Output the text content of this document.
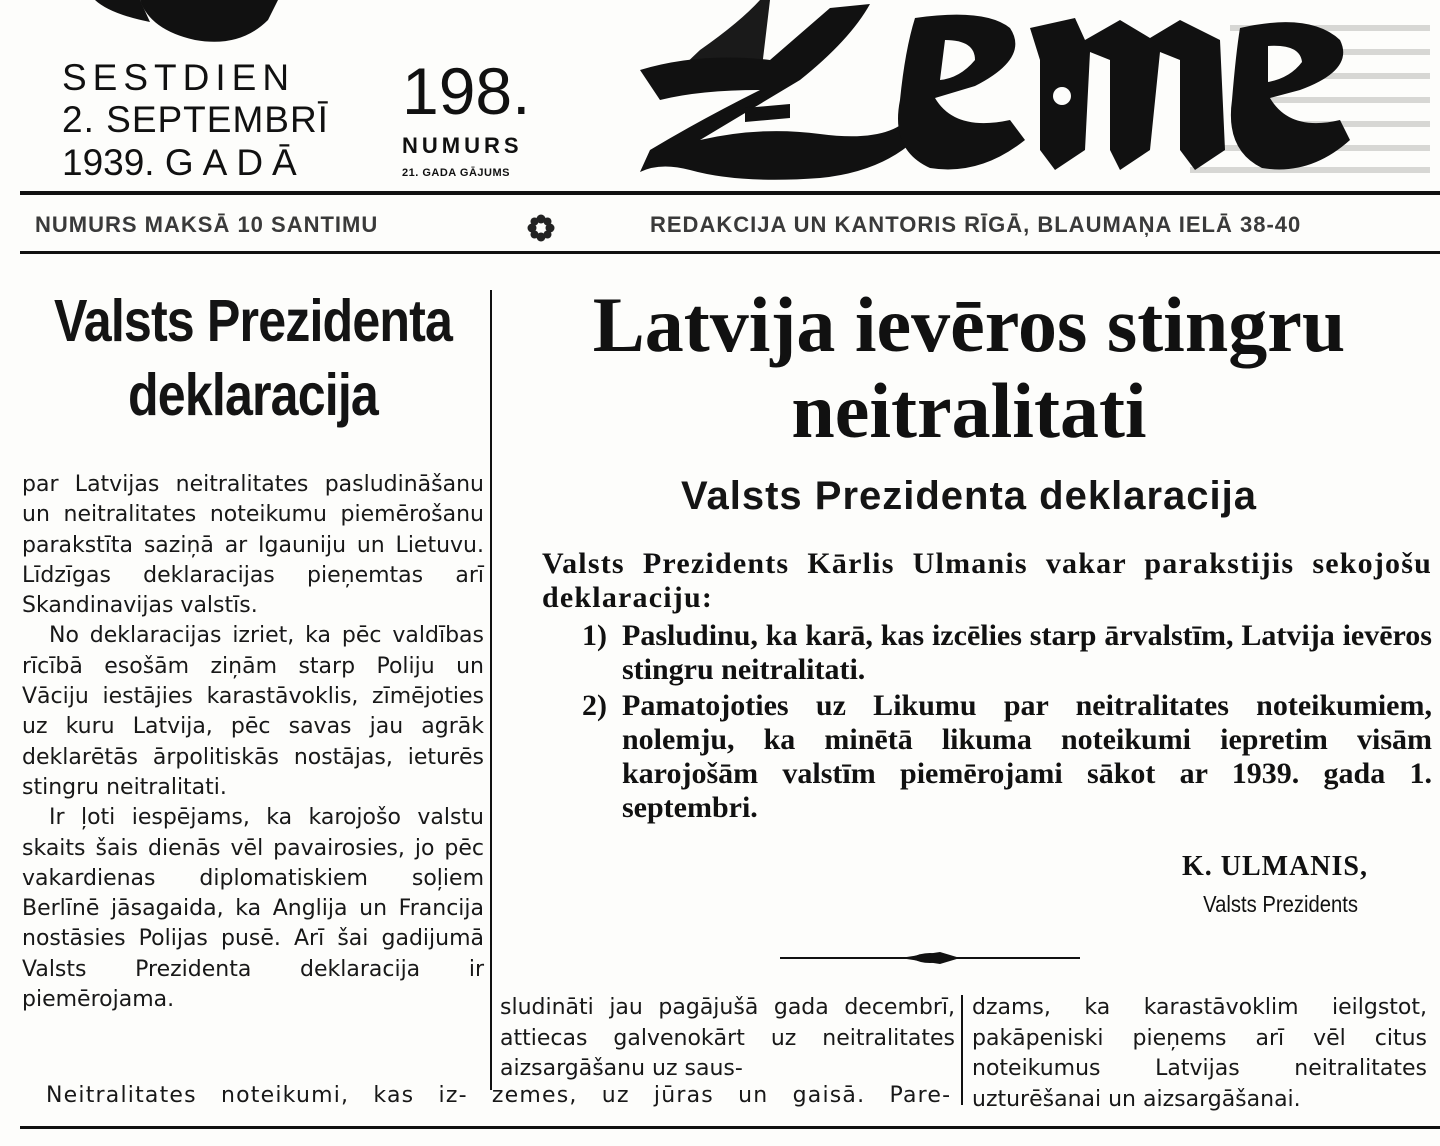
SESTDIEN
2. SEPTEMBRĪ
1939. GADĀ
198.
NUMURS
21. GADA GĀJUMS
NUMURS MAKSĀ 10 SANTIMU	REDAKCIJA UN KANTORIS RĪGĀ, BLAUMAŅA IELĀ 38-40
Valsts Prezidenta
deklaracija

par Latvijas neitralitates pasludināšanu un neitralitates noteikumu piemērošanu parakstīta saziņā ar Igauniju un Lietuvu. Līdzīgas deklaracijas pieņemtas arī Skandinavijas valstīs.

No deklaracijas izriet, ka pēc valdības rīcībā esošām ziņām starp Poliju un Vāciju iestājies karastāvoklis, zīmējoties uz kuru Latvija, pēc savas jau agrāk deklarētās ārpolitiskās nostājas, ieturēs stingru neitralitati.

Ir ļoti iespējams, ka karojošo valstu skaits šais dienās vēl pavairosies, jo pēc vakardienas diplomatiskiem soļiem Berlīnē jāsagaida, ka Anglija un Francija nostāsies Polijas pusē. Arī šai gadijumā Valsts Prezidenta deklaracija ir piemērojama.

Latvija ievēros stingru
neitralitati
Valsts Prezidenta deklaracija
Valsts Prezidents Kārlis Ulmanis vakar parakstijis sekojošu deklaraciju:
1) Pasludinu, ka karā, kas izcēlies starp ārvalstīm, Latvija ievēros stingru neitralitati.
2) Pamatojoties uz Likumu par neitralitates noteikumiem, nolemju, ka minētā likuma noteikumi iepretim visām karojošām valstīm piemērojami sākot ar 1939. gada 1. septembri.
K. ULMANIS,
Valsts Prezidents

sludināti jau pagājušā gada decembrī, attiecas galvenokārt uz neitralitates aizsargāšanu uz saus-

dzams, ka karastāvoklim ieilgstot, pakāpeniski pieņems arī vēl citus noteikumus Latvijas neitralitates uzturēšanai un aizsargāšanai.

Neitralitates noteikumi, kas iz- zemes, uz jūras un gaisā. Pare-
